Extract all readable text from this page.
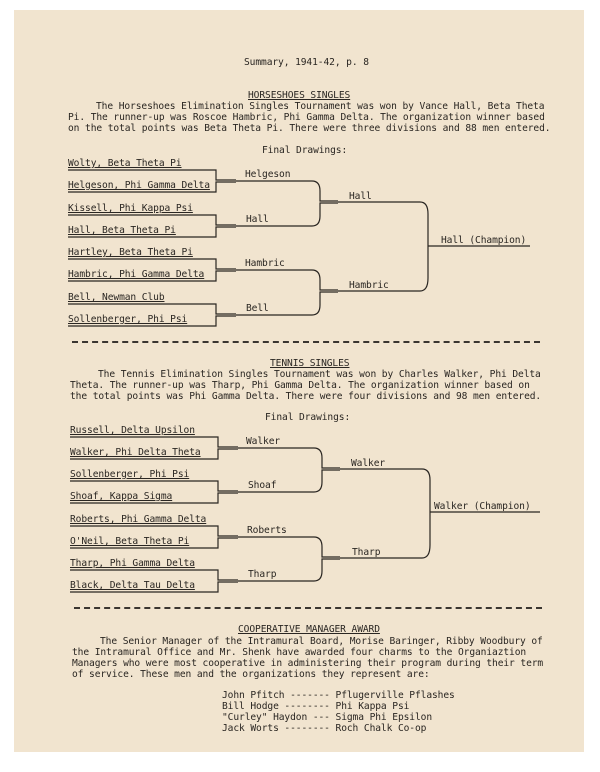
Summary, 1941-42, p. 8
HORSESHOES SINGLES
The Horseshoes Elimination Singles Tournament was won by Vance Hall, Beta Theta
Pi. The runner-up was Roscoe Hambric, Phi Gamma Delta. The organization winner based
on the total points was Beta Theta Pi. There were three divisions and 88 men entered.
Final Drawings:
Wolty, Beta Theta Pi
Helgeson, Phi Gamma Delta
Kissell, Phi Kappa Psi
Hall, Beta Theta Pi
Hartley, Beta Theta Pi
Hambric, Phi Gamma Delta
Bell, Newman Club
Sollenberger, Phi Psi
Helgeson
Hall
Hambric
Bell
Hall
Hambric
Hall (Champion)
TENNIS SINGLES
The Tennis Elimination Singles Tournament was won by Charles Walker, Phi Delta
Theta. The runner-up was Tharp, Phi Gamma Delta. The organization winner based on
the total points was Phi Gamma Delta. There were four divisions and 98 men entered.
Final Drawings:
Russell, Delta Upsilon
Walker, Phi Delta Theta
Sollenberger, Phi Psi
Shoaf, Kappa Sigma
Roberts, Phi Gamma Delta
O'Neil, Beta Theta Pi
Tharp, Phi Gamma Delta
Black, Delta Tau Delta
Walker
Shoaf
Roberts
Tharp
Walker
Tharp
Walker (Champion)
COOPERATIVE MANAGER AWARD
The Senior Manager of the Intramural Board, Morise Baringer, Ribby Woodbury of
the Intramural Office and Mr. Shenk have awarded four charms to the Organiaztion
Managers who were most cooperative in administering their program during their term
of service. These men and the organizations they represent are:
John Pfitch ------- Pflugerville Pflashes
Bill Hodge -------- Phi Kappa Psi
"Curley" Haydon --- Sigma Phi Epsilon
Jack Worts -------- Roch Chalk Co-op
